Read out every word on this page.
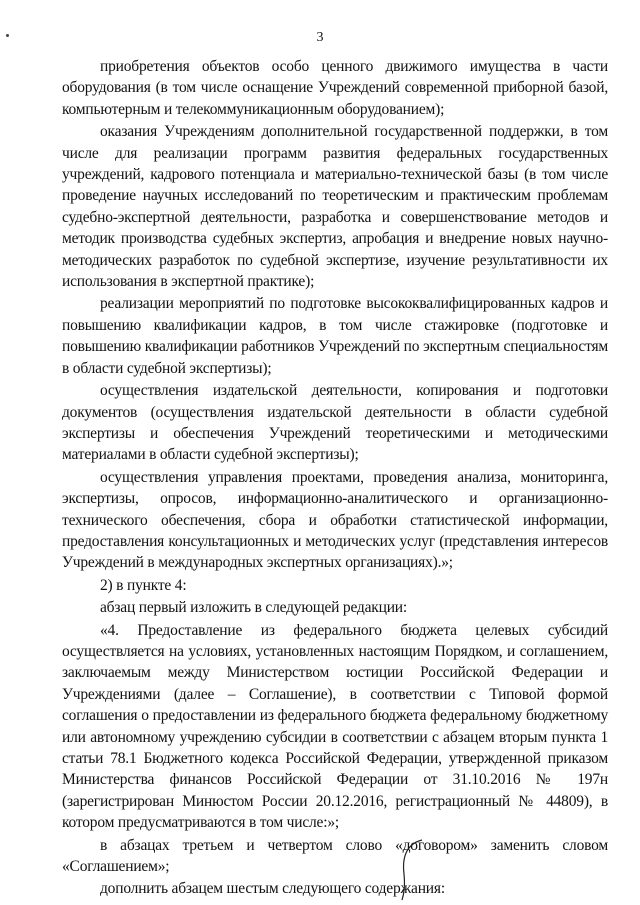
3

приобретения объектов особо ценного движимого имущества в части оборудования (в том числе оснащение Учреждений современной приборной базой, компьютерным и телекоммуникационным оборудованием);

оказания Учреждениям дополнительной государственной поддержки, в том числе для реализации программ развития федеральных государственных учреждений, кадрового потенциала и материально-технической базы (в том числе проведение научных исследований по теоретическим и практическим проблемам судебно-экспертной деятельности, разработка и совершенствование методов и методик производства судебных экспертиз, апробация и внедрение новых научно-методических разработок по судебной экспертизе, изучение результативности их использования в экспертной практике);

реализации мероприятий по подготовке высококвалифицированных кадров и повышению квалификации кадров, в том числе стажировке (подготовке и повышению квалификации работников Учреждений по экспертным специальностям в области судебной экспертизы);

осуществления издательской деятельности, копирования и подготовки документов (осуществления издательской деятельности в области судебной экспертизы и обеспечения Учреждений теоретическими и методическими материалами в области судебной экспертизы);

осуществления управления проектами, проведения анализа, мониторинга, экспертизы, опросов, информационно-аналитического и организационно-технического обеспечения, сбора и обработки статистической информации, предоставления консультационных и методических услуг (представления интересов Учреждений в международных экспертных организациях).»;

2) в пункте 4:

абзац первый изложить в следующей редакции:

«4. Предоставление из федерального бюджета целевых субсидий осуществляется на условиях, установленных настоящим Порядком, и соглашением, заключаемым между Министерством юстиции Российской Федерации и Учреждениями (далее – Соглашение), в соответствии с Типовой формой соглашения о предоставлении из федерального бюджета федеральному бюджетному или автономному учреждению субсидии в соответствии с абзацем вторым пункта 1 статьи 78.1 Бюджетного кодекса Российской Федерации, утвержденной приказом Министерства финансов Российской Федерации от 31.10.2016 № 197н (зарегистрирован Минюстом России 20.12.2016, регистрационный № 44809), в котором предусматриваются в том числе:»;

в абзацах третьем и четвертом слово «договором» заменить словом «Соглашением»;

дополнить абзацем шестым следующего содержания:
